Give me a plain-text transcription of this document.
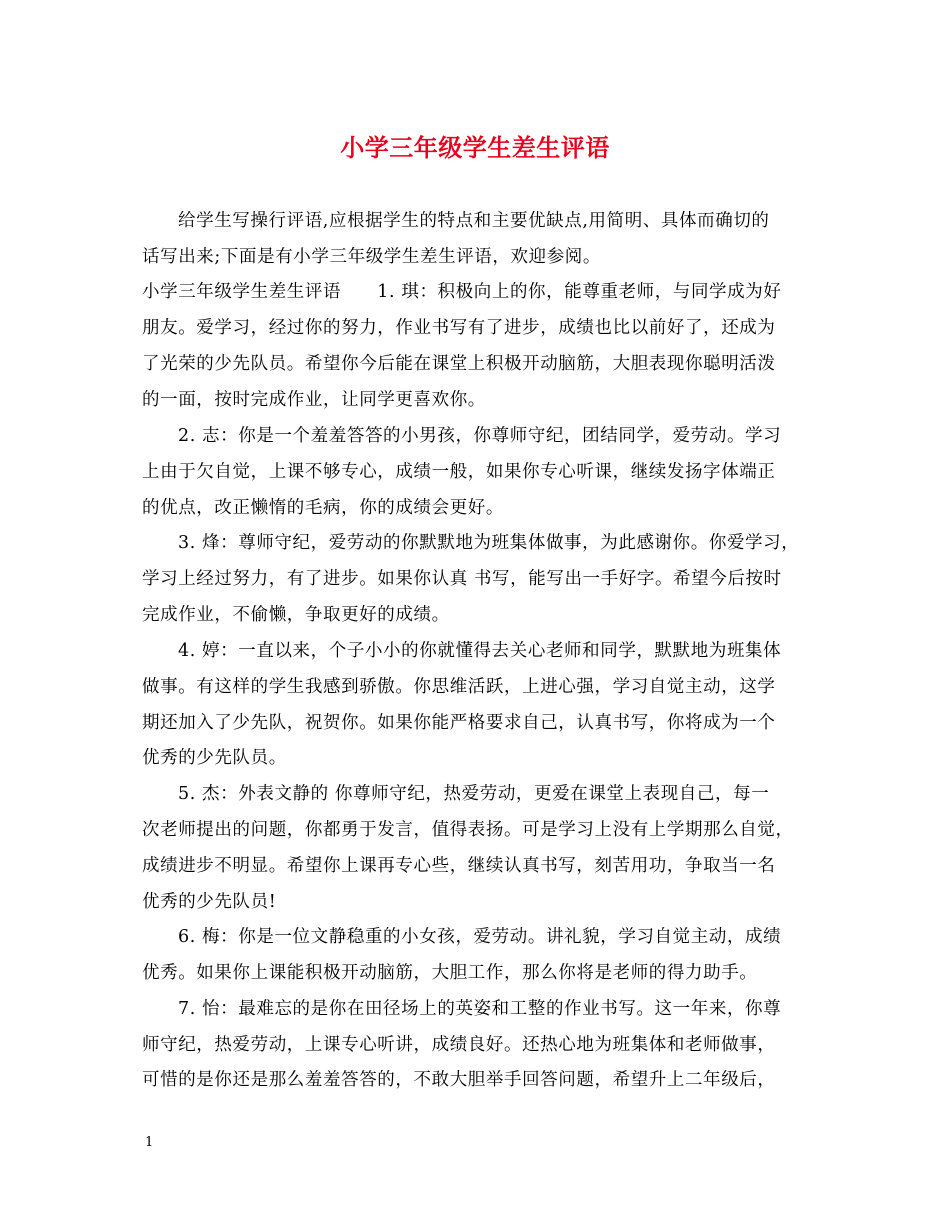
小学三年级学生差生评语
给学生写操行评语,应根据学生的特点和主要优缺点,用简明、具体而确切的
话写出来;下面是有小学三年级学生差生评语，欢迎参阅。
小学三年级学生差生评语　　1. 琪：积极向上的你，能尊重老师，与同学成为好
朋友。爱学习，经过你的努力，作业书写有了进步，成绩也比以前好了，还成为
了光荣的少先队员。希望你今后能在课堂上积极开动脑筋，大胆表现你聪明活泼
的一面，按时完成作业，让同学更喜欢你。
2. 志：你是一个羞羞答答的小男孩，你尊师守纪，团结同学，爱劳动。学习
上由于欠自觉，上课不够专心，成绩一般，如果你专心听课，继续发扬字体端正
的优点，改正懒惰的毛病，你的成绩会更好。
3. 烽：尊师守纪，爱劳动的你默默地为班集体做事，为此感谢你。你爱学习，
学习上经过努力，有了进步。如果你认真 书写，能写出一手好字。希望今后按时
完成作业，不偷懒，争取更好的成绩。
4. 婷：一直以来，个子小小的你就懂得去关心老师和同学，默默地为班集体
做事。有这样的学生我感到骄傲。你思维活跃，上进心强，学习自觉主动，这学
期还加入了少先队，祝贺你。如果你能严格要求自己，认真书写，你将成为一个
优秀的少先队员。
5. 杰：外表文静的 你尊师守纪，热爱劳动，更爱在课堂上表现自己，每一
次老师提出的问题，你都勇于发言，值得表扬。可是学习上没有上学期那么自觉，
成绩进步不明显。希望你上课再专心些，继续认真书写，刻苦用功，争取当一名
优秀的少先队员!
6. 梅：你是一位文静稳重的小女孩，爱劳动。讲礼貌，学习自觉主动，成绩
优秀。如果你上课能积极开动脑筋，大胆工作，那么你将是老师的得力助手。
7. 怡：最难忘的是你在田径场上的英姿和工整的作业书写。这一年来，你尊
师守纪，热爱劳动，上课专心听讲，成绩良好。还热心地为班集体和老师做事，
可惜的是你还是那么羞羞答答的，不敢大胆举手回答问题，希望升上二年级后，
1
